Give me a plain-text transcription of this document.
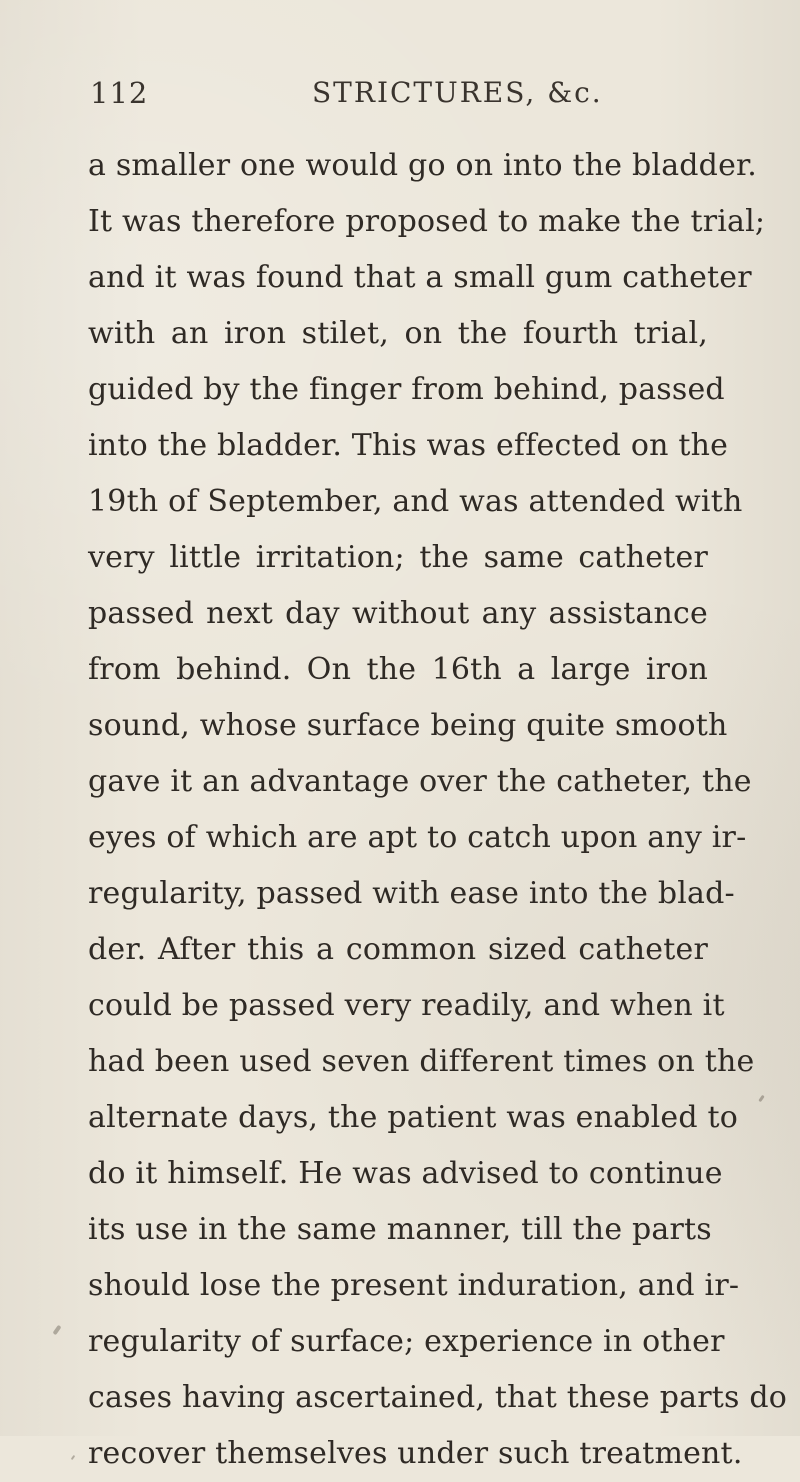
112	STRICTURES, &c.
a smaller one would go on into the bladder.
It was therefore proposed to make the trial;
and it was found that a small gum catheter
with an iron stilet, on the fourth trial,
guided by the finger from behind, passed
into the bladder. This was effected on the
19th of September, and was attended with
very little irritation; the same catheter
passed next day without any assistance
from behind. On the 16th a large iron
sound, whose surface being quite smooth
gave it an advantage over the catheter, the
eyes of which are apt to catch upon any ir-
regularity, passed with ease into the blad-
der. After this a common sized catheter
could be passed very readily, and when it
had been used seven different times on the
alternate days, the patient was enabled to
do it himself. He was advised to continue
its use in the same manner, till the parts
should lose the present induration, and ir-
regularity of surface; experience in other
cases having ascertained, that these parts do
recover themselves under such treatment.
